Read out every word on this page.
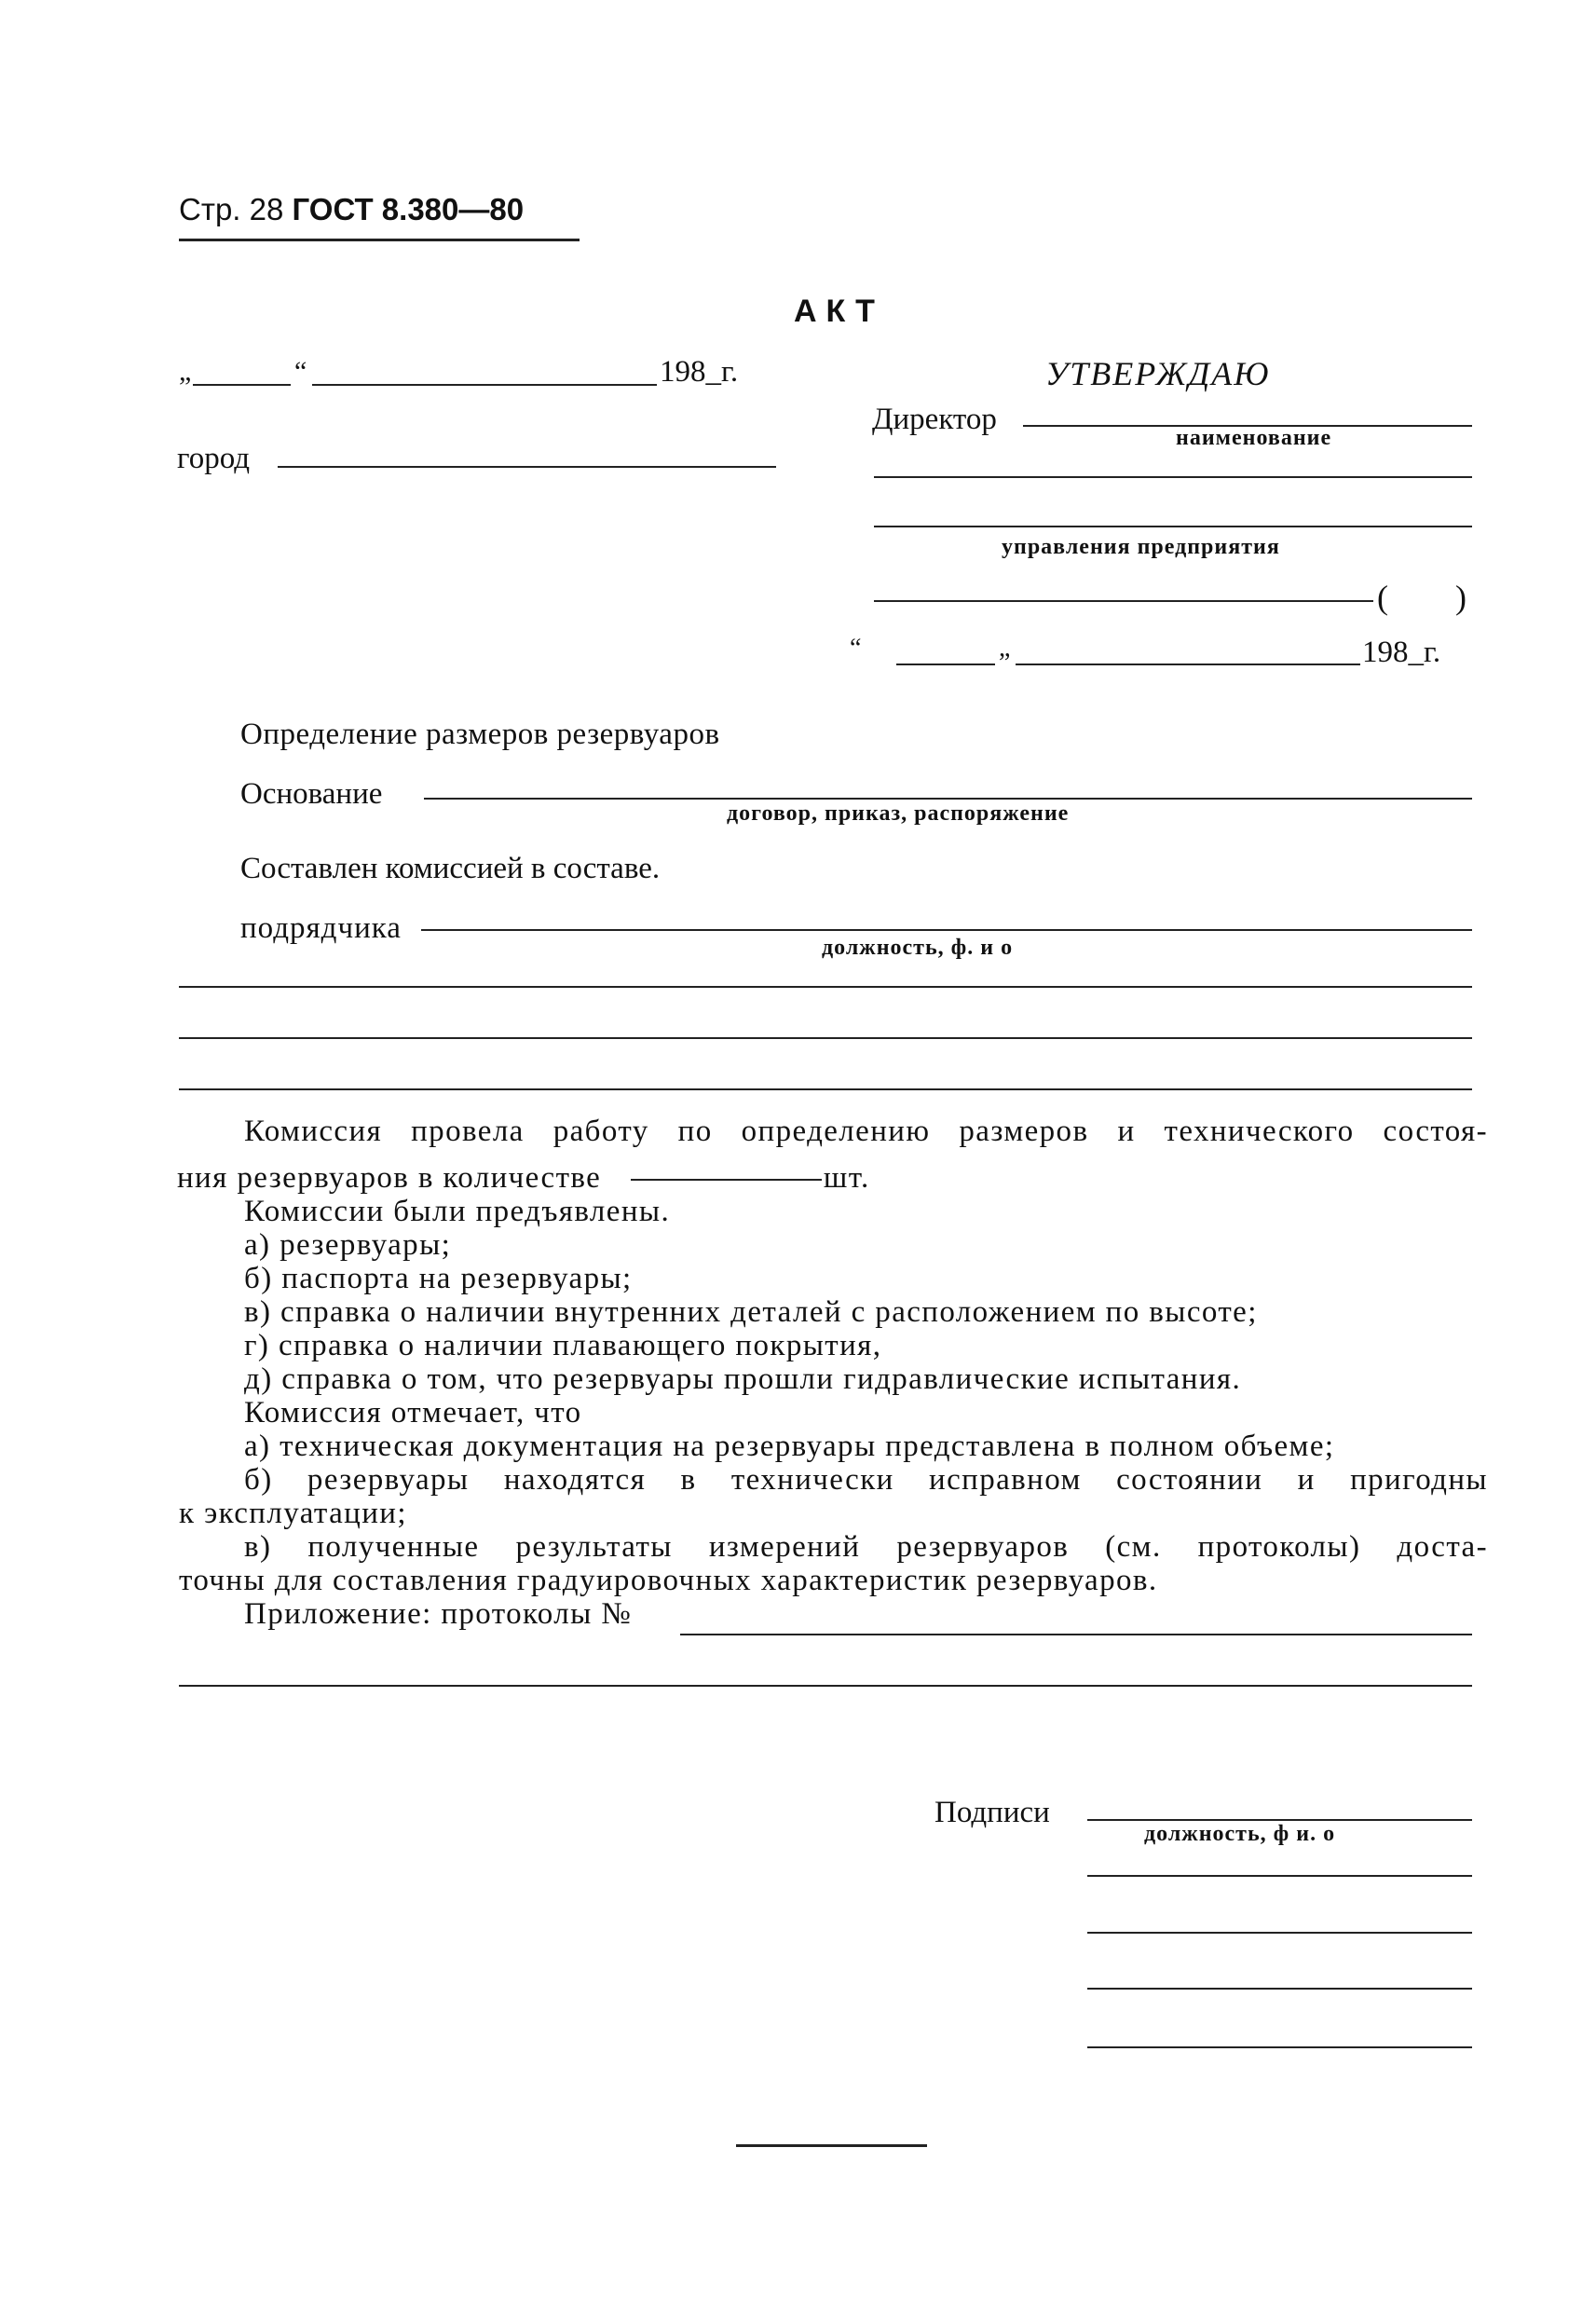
Стр. 28 ГОСТ 8.380—80
АКТ
„	“	198_г.
город
УТВЕРЖДАЮ
Директор
наименование
управления предприятия
( )
“	„	198_г.
Определение размеров резервуаров
Основание
договор, приказ, распоряжение
Составлен комиссией в составе.
подрядчика
должность, ф. и о

Комиссия провела работу по определению размеров и технического состоя-

ния резервуаров в количестве	шт.

Комиссии были предъявлены.

а) резервуары;

б) паспорта на резервуары;

в) справка о наличии внутренних деталей с расположением по высоте;

г) справка о наличии плавающего покрытия,

д) справка о том, что резервуары прошли гидравлические испытания.

Комиссия отмечает, что

а) техническая документация на резервуары представлена в полном объеме;

б) резервуары находятся в технически исправном состоянии и пригодны

к эксплуатации;

в) полученные результаты измерений резервуаров (см. протоколы) доста-

точны для составления градуировочных характеристик резервуаров.

Приложение: протоколы №

Подписи
должность, ф и. о
